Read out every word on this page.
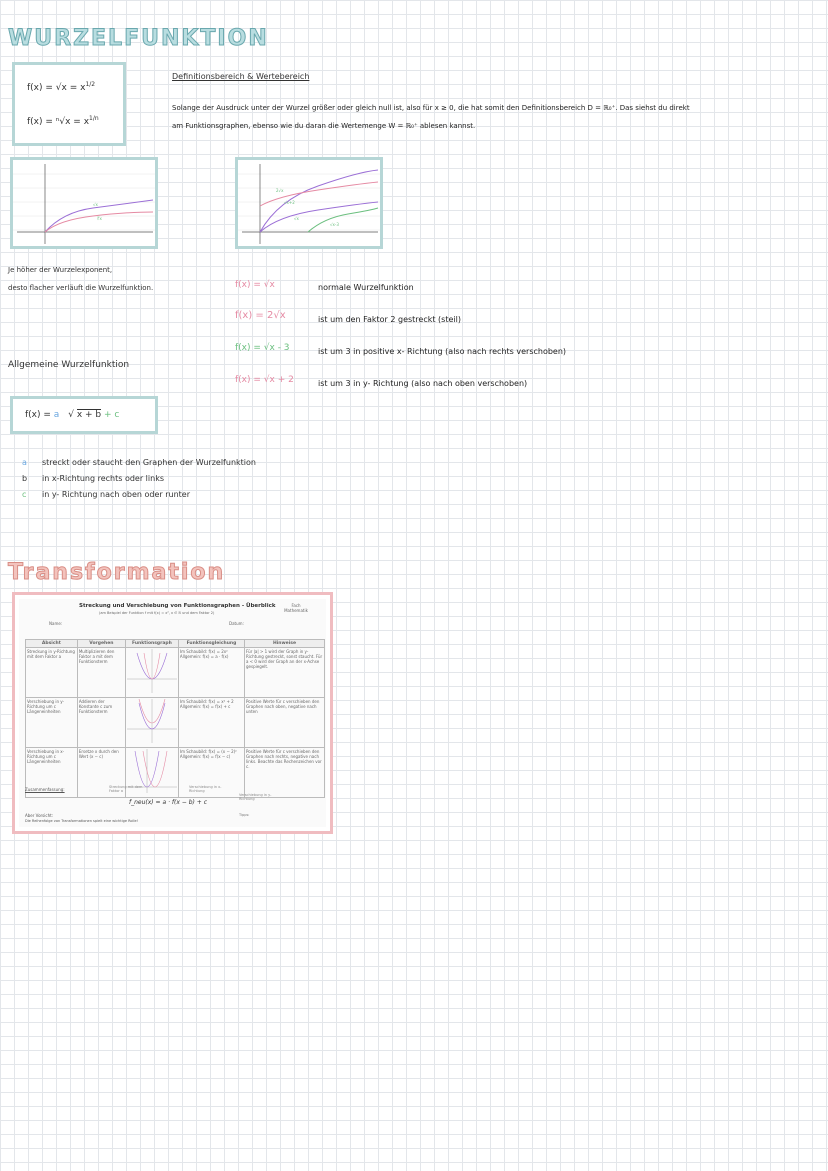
WURZELFUNKTION
$f(x) = √x = x^{1/2}$
$f(x) = ^n√x = x^{1/n}$
Definitionsbereich & Wertebereich
Solange der Ausdruck unter der Wurzel größer oder gleich null ist, also für x ≥ 0, die hat somit den Definitionsbereich D = ℝ₀⁺. Das siehst du direkt
am Funktionsgraphen, ebenso wie du daran die Wertemenge W = ℝ₀⁺ ablesen kannst.
√x
∛x
2√x
√x+2
√x
√x-3
Je höher der Wurzelexponent,
desto flacher verläuft die Wurzelfunktion.	f(x) = √x	normale Wurzelfunktion
f(x) = 2√x	ist um den Faktor 2 gestreckt (steil)
f(x) = √x - 3	ist um 3 in positive x- Richtung (also nach rechts verschoben)
f(x) = √x + 2	ist um 3 in y- Richtung (also nach oben verschoben)
Allgemeine Wurzelfunktion
f(x) = a √ x + b + c
a streckt oder staucht den Graphen der Wurzelfunktion
b in x-Richtung rechts oder links
c in y- Richtung nach oben oder runter
Transformation
Streckung und Verschiebung von Funktionsgraphen - Überblick
(am Beispiel der Funktion f mit f(x) = x², x ∈ ℝ und dem Faktor 2)
Fach Mathematik
Name:	Datum:
Absicht	Vorgehen	Funktionsgraph	Funktionsgleichung	Hinweise
Streckung in y-Richtung mit dem Faktor a	Multiplizieren den Faktor a mit dem Funktionsterm		Im Schaubild: f(x) = 2x² Allgemein: f(x) = a · f(x)	Für |a| > 1 wird der Graph in y-Richtung gestreckt, sonst staucht. Für a < 0 wird der Graph an der x-Achse gespiegelt.
Verschiebung in y-Richtung um c Längeneinheiten	Addieren der Konstante c zum Funktionsterm		Im Schaubild: f(x) = x² + 2 Allgemein: f(x) = f(x) + c	Positive Werte für c verschieben den Graphen nach oben, negative nach unten
Verschiebung in x-Richtung um c Längeneinheiten	Ersetze x durch den Wert (x − c)		Im Schaubild: f(x) = (x − 2)² Allgemein: f(x) = f(x − c)	Positive Werte für c verschieben den Graphen nach rechts, negative nach links. Beachte das Rechenzeichen vor c.
Zusammenfassung:	Streckung mit dem Faktor a
Verschiebung in x-Richtung
Verschiebung in y-Richtung
f_neu(x) = a · f(x − b) + c
Aber Vorsicht:
Die Reihenfolge von Transformationen spielt eine wichtige Rolle!
Tipps:
